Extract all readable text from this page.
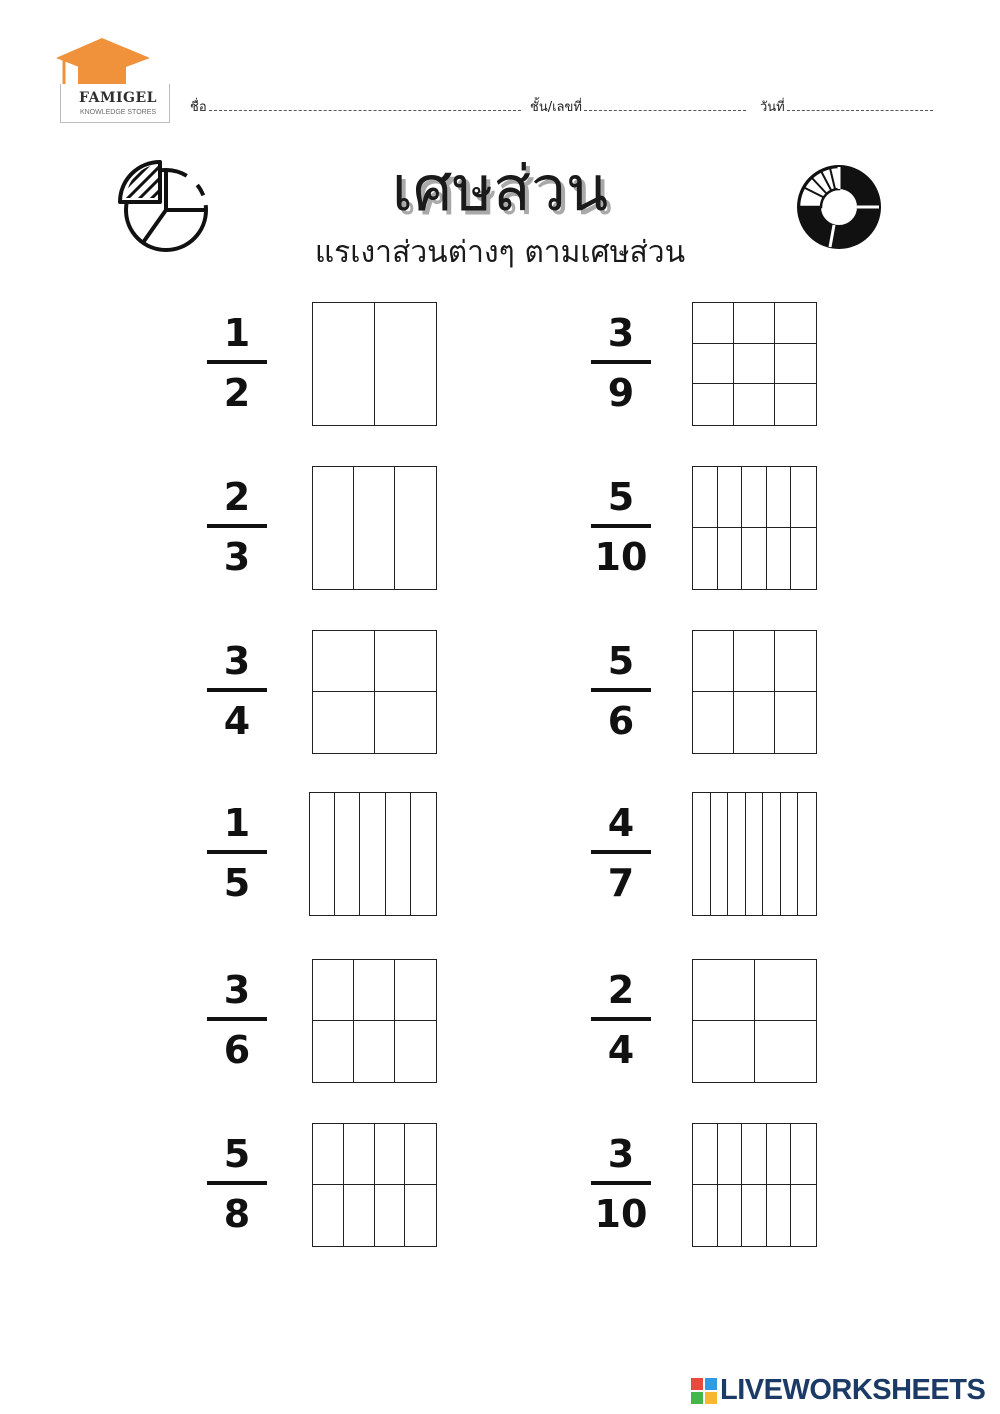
FAMIGEL
KNOWLEDGE STORES	ชื่อ	ชั้น/เลขที่	วันที่
เศษส่วน
แรเงาส่วนต่างๆ ตามเศษส่วน
1
2
2
3
3
4
1
5
3
6
5
8
3
9
5
10
5
6
4
7
2
4
3
10
LIVEWORKSHEETS
